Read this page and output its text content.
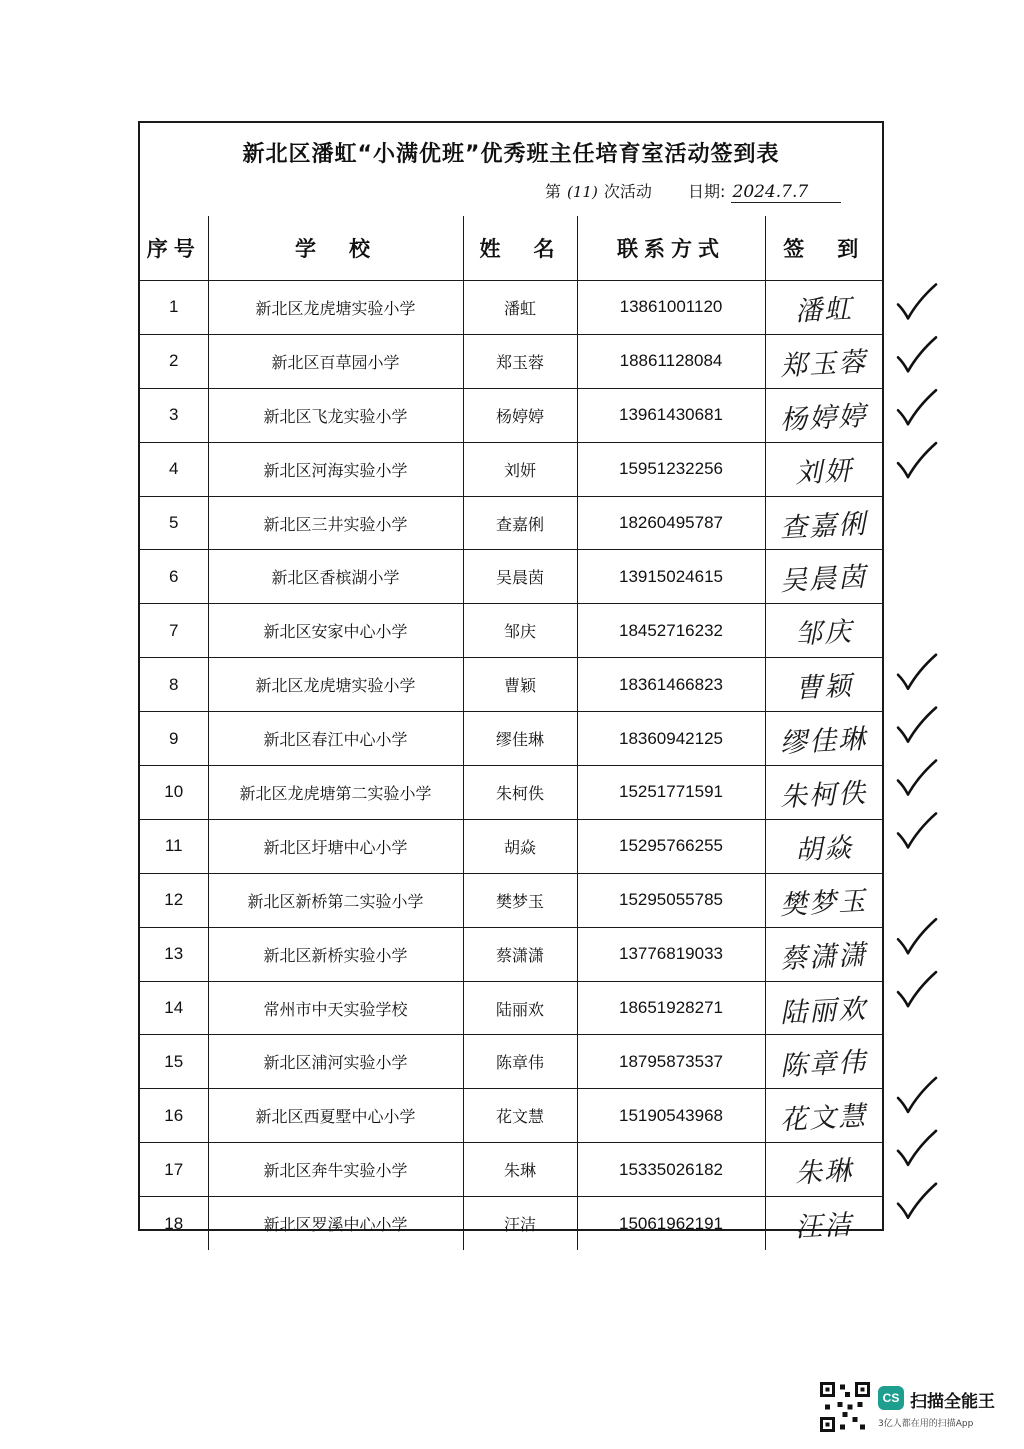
新北区潘虹“小满优班”优秀班主任培育室活动签到表
第 (11) 次活动 日期: 2024.7.7
序号	学　校	姓　名	联系方式	签　到
1	新北区龙虎塘实验小学	潘虹	13861001120	潘虹
2	新北区百草园小学	郑玉蓉	18861128084	郑玉蓉
3	新北区飞龙实验小学	杨婷婷	13961430681	杨婷婷
4	新北区河海实验小学	刘妍	15951232256	刘妍
5	新北区三井实验小学	查嘉俐	18260495787	查嘉俐
6	新北区香槟湖小学	吴晨茵	13915024615	吴晨茵
7	新北区安家中心小学	邹庆	18452716232	邹庆
8	新北区龙虎塘实验小学	曹颖	18361466823	曹颖
9	新北区春江中心小学	缪佳琳	18360942125	缪佳琳
10	新北区龙虎塘第二实验小学	朱柯佚	15251771591	朱柯佚
11	新北区圩塘中心小学	胡焱	15295766255	胡焱
12	新北区新桥第二实验小学	樊梦玉	15295055785	樊梦玉
13	新北区新桥实验小学	蔡潇潇	13776819033	蔡潇潇
14	常州市中天实验学校	陆丽欢	18651928271	陆丽欢
15	新北区浦河实验小学	陈章伟	18795873537	陈章伟
16	新北区西夏墅中心小学	花文慧	15190543968	花文慧
17	新北区奔牛实验小学	朱琳	15335026182	朱琳
18	新北区罗溪中心小学	汪洁	15061962191	汪洁
CS 扫描全能王
3亿人都在用的扫描App
